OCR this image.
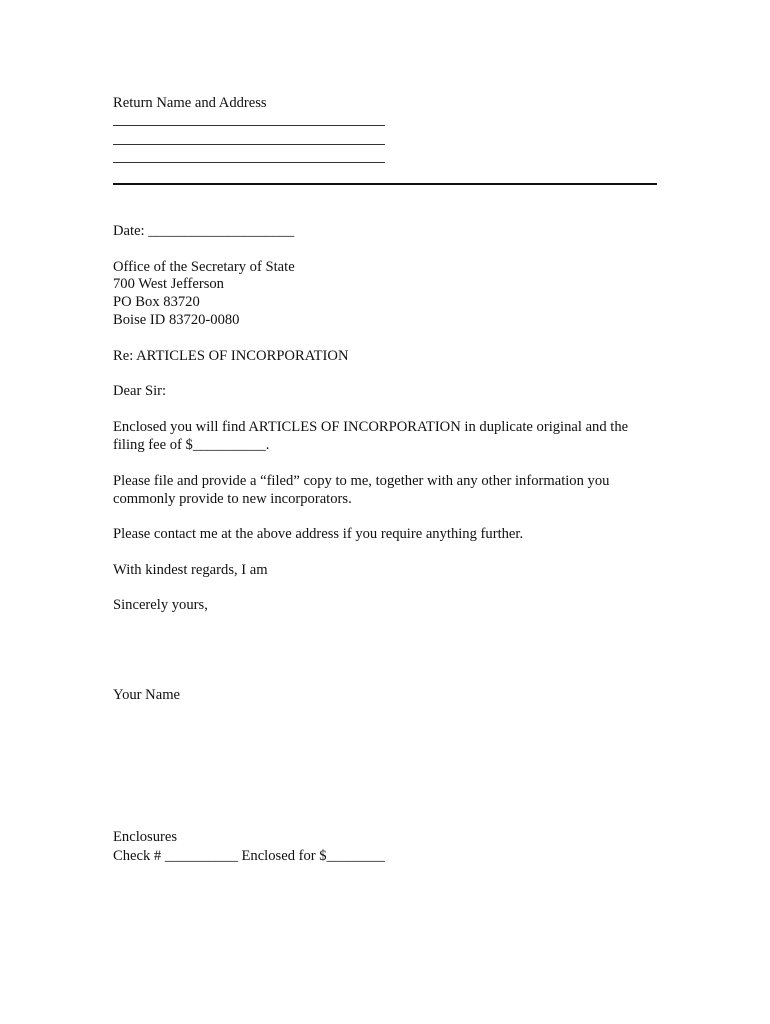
Return Name and Address
Date: ____________________
Office of the Secretary of State
700 West Jefferson
PO Box 83720
Boise ID 83720-0080
Re: ARTICLES OF INCORPORATION
Dear Sir:
Enclosed you will find ARTICLES OF INCORPORATION in duplicate original and the
filing fee of $__________.
Please file and provide a “filed” copy to me, together with any other information you
commonly provide to new incorporators.
Please contact me at the above address if you require anything further.
With kindest regards, I am
Sincerely yours,
Your Name
Enclosures
Check # __________ Enclosed for $________
